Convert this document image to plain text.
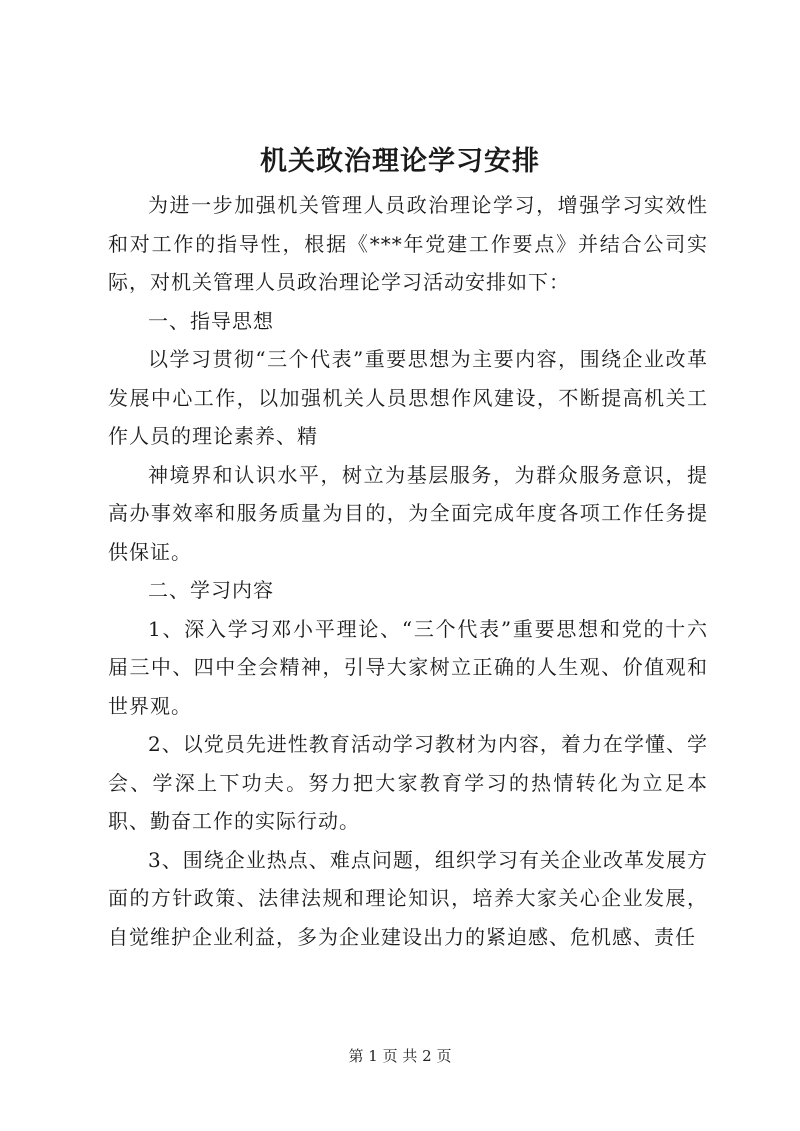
机关政治理论学习安排

为进一步加强机关管理人员政治理论学习，增强学习实效性和对工作的指导性，根据《***年党建工作要点》并结合公司实际，对机关管理人员政治理论学习活动安排如下：

一、指导思想

以学习贯彻“三个代表”重要思想为主要内容，围绕企业改革发展中心工作，以加强机关人员思想作风建设，不断提高机关工作人员的理论素养、精

神境界和认识水平，树立为基层服务，为群众服务意识，提高办事效率和服务质量为目的，为全面完成年度各项工作任务提供保证。

二、学习内容

1、深入学习邓小平理论、“三个代表”重要思想和党的十六届三中、四中全会精神，引导大家树立正确的人生观、价值观和世界观。

2、以党员先进性教育活动学习教材为内容，着力在学懂、学会、学深上下功夫。努力把大家教育学习的热情转化为立足本职、勤奋工作的实际行动。

3、围绕企业热点、难点问题，组织学习有关企业改革发展方面的方针政策、法律法规和理论知识，培养大家关心企业发展，自觉维护企业利益，多为企业建设出力的紧迫感、危机感、责任

第 1 页 共 2 页
